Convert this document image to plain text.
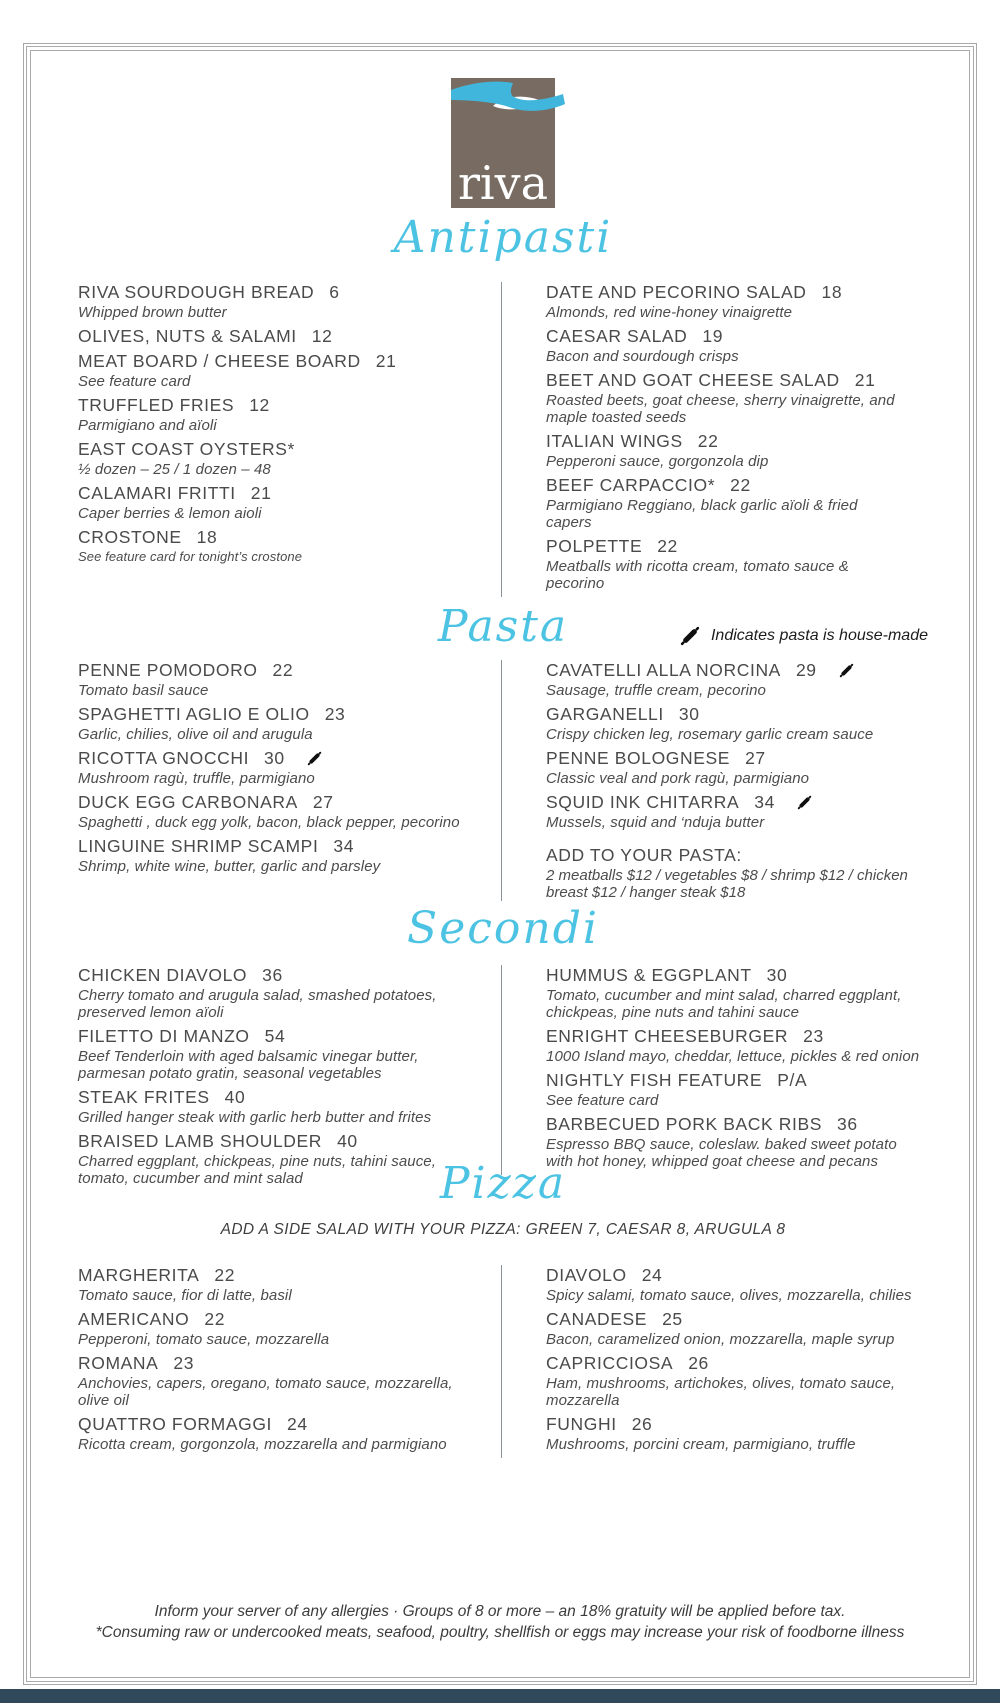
riva
Antipasti
RIVA SOURDOUGH BREAD 6
Whipped brown butter
OLIVES, NUTS & SALAMI 12
MEAT BOARD / CHEESE BOARD 21
See feature card
TRUFFLED FRIES 12
Parmigiano and aïoli
EAST COAST OYSTERS*
½ dozen – 25 / 1 dozen – 48
CALAMARI FRITTI 21
Caper berries & lemon aioli
CROSTONE 18
See feature card for tonight’s crostone
DATE AND PECORINO SALAD 18
Almonds, red wine-honey vinaigrette
CAESAR SALAD 19
Bacon and sourdough crisps
BEET AND GOAT CHEESE SALAD 21
Roasted beets, goat cheese, sherry vinaigrette, and maple toasted seeds
ITALIAN WINGS 22
Pepperoni sauce, gorgonzola dip
BEEF CARPACCIO* 22
Parmigiano Reggiano, black garlic aïoli & fried capers
POLPETTE 22
Meatballs with ricotta cream, tomato sauce & pecorino
Pasta	Indicates pasta is house-made
PENNE POMODORO 22
Tomato basil sauce
SPAGHETTI AGLIO E OLIO 23
Garlic, chilies, olive oil and arugula
RICOTTA GNOCCHI 30
Mushroom ragù, truffle, parmigiano
DUCK EGG CARBONARA 27
Spaghetti , duck egg yolk, bacon, black pepper, pecorino
LINGUINE SHRIMP SCAMPI 34
Shrimp, white wine, butter, garlic and parsley
CAVATELLI ALLA NORCINA 29
Sausage, truffle cream, pecorino
GARGANELLI 30
Crispy chicken leg, rosemary garlic cream sauce
PENNE BOLOGNESE 27
Classic veal and pork ragù, parmigiano
SQUID INK CHITARRA 34
Mussels, squid and ‘nduja butter
ADD TO YOUR PASTA:
2 meatballs $12 / vegetables $8 / shrimp $12 / chicken breast $12 / hanger steak $18
Secondi
CHICKEN DIAVOLO 36
Cherry tomato and arugula salad, smashed potatoes, preserved lemon aïoli
FILETTO DI MANZO 54
Beef Tenderloin with aged balsamic vinegar butter, parmesan potato gratin, seasonal vegetables
STEAK FRITES 40
Grilled hanger steak with garlic herb butter and frites
BRAISED LAMB SHOULDER 40
Charred eggplant, chickpeas, pine nuts, tahini sauce, tomato, cucumber and mint salad
HUMMUS & EGGPLANT 30
Tomato, cucumber and mint salad, charred eggplant, chickpeas, pine nuts and tahini sauce
ENRIGHT CHEESEBURGER 23
1000 Island mayo, cheddar, lettuce, pickles & red onion
NIGHTLY FISH FEATURE P/A
See feature card
BARBECUED PORK BACK RIBS 36
Espresso BBQ sauce, coleslaw. baked sweet potato with hot honey, whipped goat cheese and pecans
Pizza
ADD A SIDE SALAD WITH YOUR PIZZA: GREEN 7, CAESAR 8, ARUGULA 8
MARGHERITA 22
Tomato sauce, fior di latte, basil
AMERICANO 22
Pepperoni, tomato sauce, mozzarella
ROMANA 23
Anchovies, capers, oregano, tomato sauce, mozzarella, olive oil
QUATTRO FORMAGGI 24
Ricotta cream, gorgonzola, mozzarella and parmigiano
DIAVOLO 24
Spicy salami, tomato sauce, olives, mozzarella, chilies
CANADESE 25
Bacon, caramelized onion, mozzarella, maple syrup
CAPRICCIOSA 26
Ham, mushrooms, artichokes, olives, tomato sauce, mozzarella
FUNGHI 26
Mushrooms, porcini cream, parmigiano, truffle
Inform your server of any allergies · Groups of 8 or more – an 18% gratuity will be applied before tax.
*Consuming raw or undercooked meats, seafood, poultry, shellfish or eggs may increase your risk of foodborne illness
